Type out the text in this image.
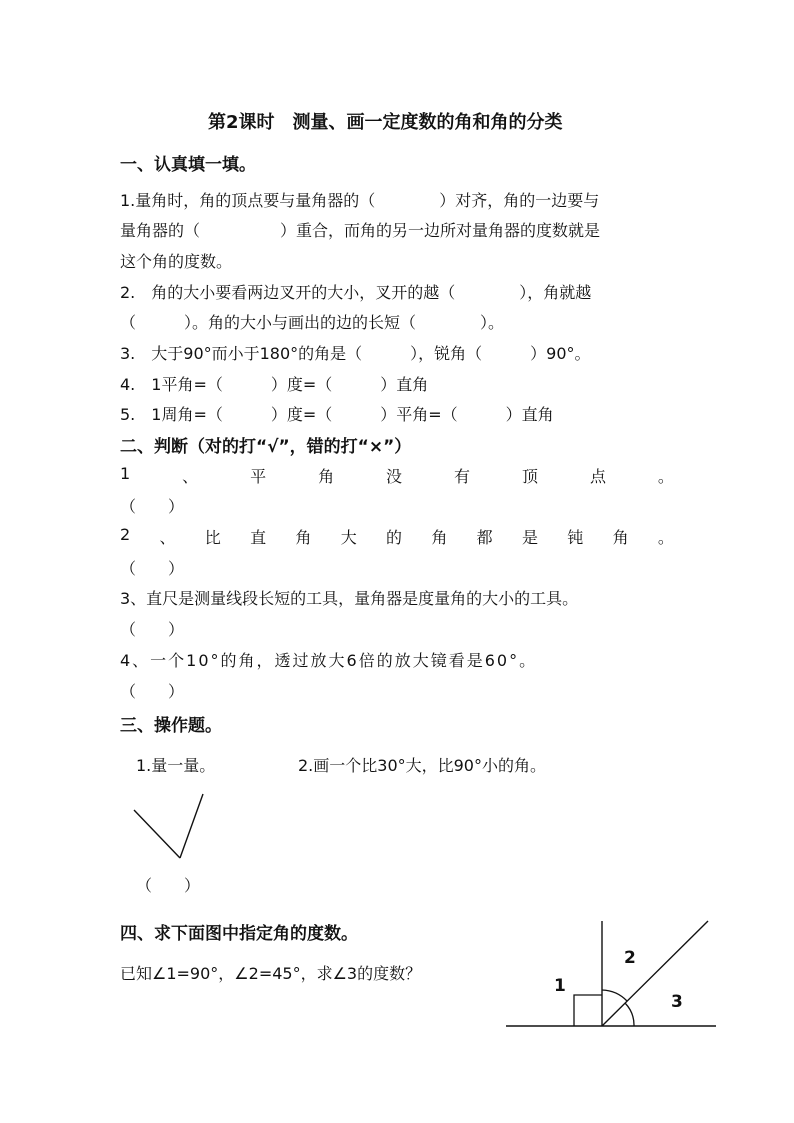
第2课时　测量、画一定度数的角和角的分类
一、认真填一填。
1.量角时，角的顶点要与量角器的（　　　　）对齐，角的一边要与
量角器的（　　　　　）重合，而角的另一边所对量角器的度数就是
这个角的度数。
2.　角的大小要看两边叉开的大小，叉开的越（　　　　），角就越
（　　　）。角的大小与画出的边的长短（　　　　）。
3.　大于90°而小于180°的角是（　　　），锐角（　　　）90°。
4.　1平角=（　　　）度=（　　　）直角
5.　1周角=（　　　）度=（　　　）平角=（　　　）直角
二、判断（对的打“√”，错的打“×”）
1	、	平	角	没	有	顶	点	。
（　　）
2 、 比 直 角 大 的 角 都 是 钝 角 。
（　　）
3、直尺是测量线段长短的工具，量角器是度量角的大小的工具。
（　　）
4、一个10°的角，透过放大6倍的放大镜看是60°。
（　　）
三、操作题。
1.量一量。	2.画一个比30°大，比90°小的角。
（　　）
四、求下面图中指定角的度数。
已知∠1=90°，∠2=45°，求∠3的度数？
1
2
3
